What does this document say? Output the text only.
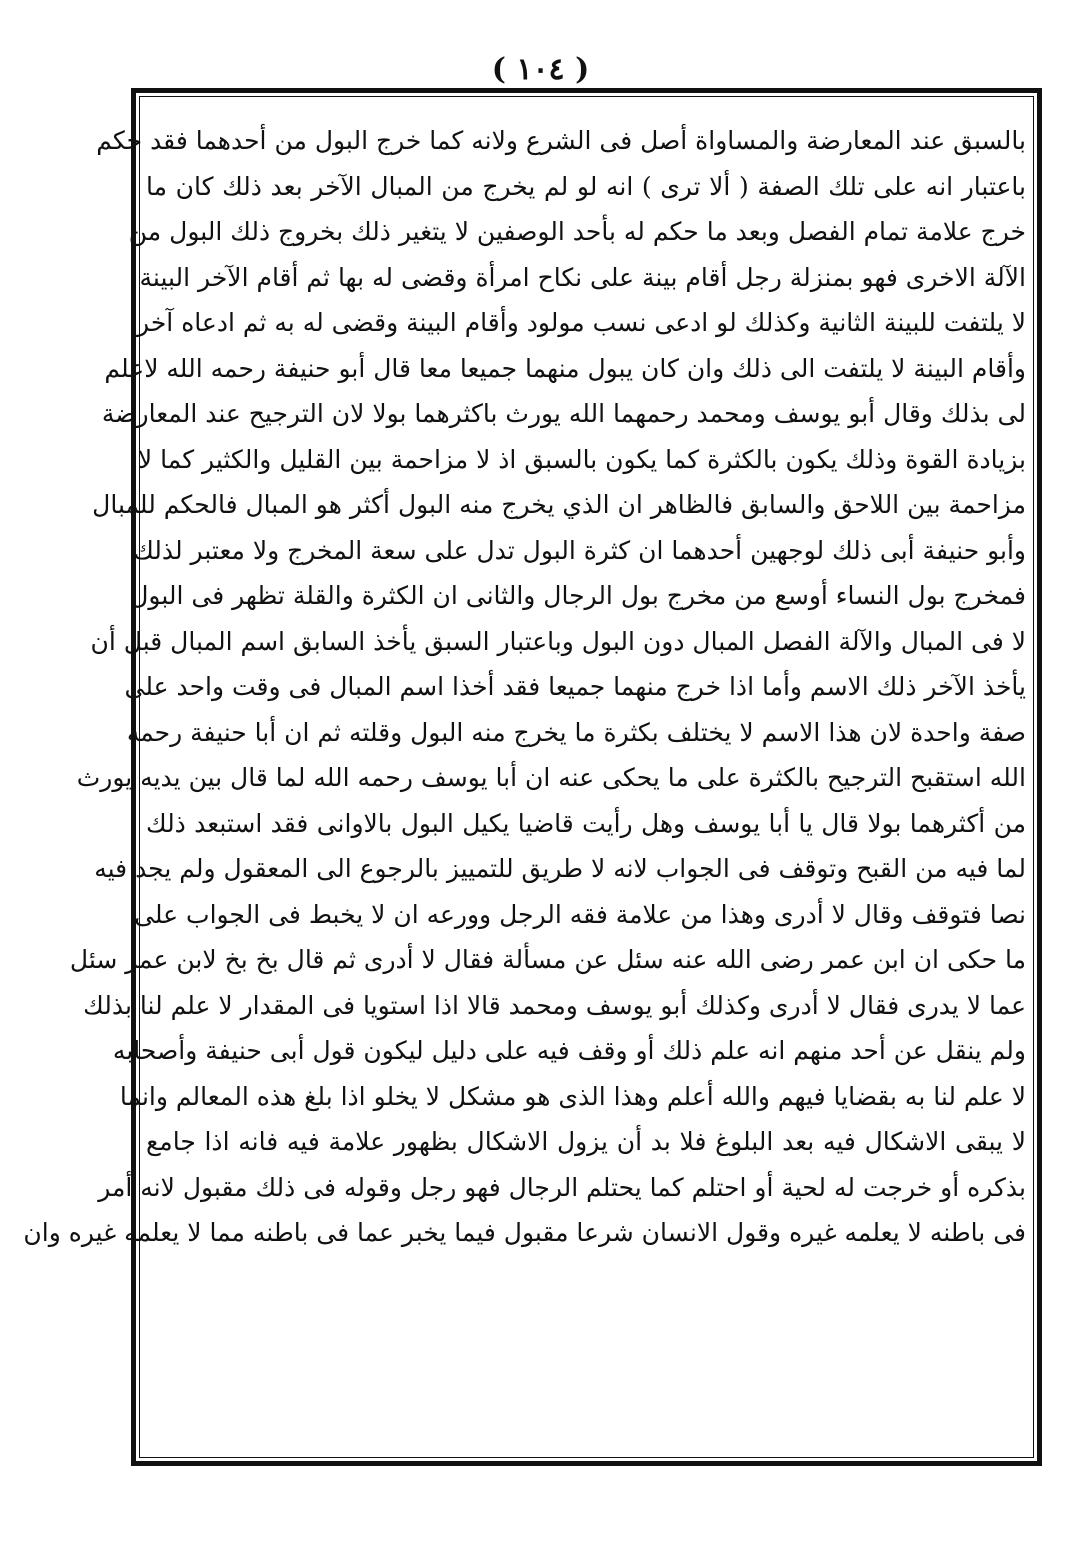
( ١٠٤ )
بالسبق عند المعارضة والمساواة أصل فى الشرع ولانه كما خرج البول من أحدهما فقد حكم
باعتبار انه على تلك الصفة ( ألا ترى ) انه لو لم يخرج من المبال الآخر بعد ذلك كان ما
خرج علامة تمام الفصل وبعد ما حكم له بأحد الوصفين لا يتغير ذلك بخروج ذلك البول من
الآلة الاخرى فهو بمنزلة رجل أقام بينة على نكاح امرأة وقضى له بها ثم أقام الآخر البينة
لا يلتفت للبينة الثانية وكذلك لو ادعى نسب مولود وأقام البينة وقضى له به ثم ادعاه آخر
وأقام البينة لا يلتفت الى ذلك وان كان يبول منهما جميعا معا قال أبو حنيفة رحمه الله لاعلم
لى بذلك وقال أبو يوسف ومحمد رحمهما الله يورث باكثرهما بولا لان الترجيح عند المعارضة
بزيادة القوة وذلك يكون بالكثرة كما يكون بالسبق اذ لا مزاحمة بين القليل والكثير كما لا
مزاحمة بين اللاحق والسابق فالظاهر ان الذي يخرج منه البول أكثر هو المبال فالحكم للمبال
وأبو حنيفة أبى ذلك لوجهين أحدهما ان كثرة البول تدل على سعة المخرج ولا معتبر لذلك
فمخرج بول النساء أوسع من مخرج بول الرجال والثانى ان الكثرة والقلة تظهر فى البول
لا فى المبال والآلة الفصل المبال دون البول وباعتبار السبق يأخذ السابق اسم المبال قبل أن
يأخذ الآخر ذلك الاسم وأما اذا خرج منهما جميعا فقد أخذا اسم المبال فى وقت واحد على
صفة واحدة لان هذا الاسم لا يختلف بكثرة ما يخرج منه البول وقلته ثم ان أبا حنيفة رحمه
الله استقبح الترجيح بالكثرة على ما يحكى عنه ان أبا يوسف رحمه الله لما قال بين يديه يورث
من أكثرهما بولا قال يا أبا يوسف وهل رأيت قاضيا يكيل البول بالاوانى فقد استبعد ذلك
لما فيه من القبح وتوقف فى الجواب لانه لا طريق للتمييز بالرجوع الى المعقول ولم يجد فيه
نصا فتوقف وقال لا أدرى وهذا من علامة فقه الرجل وورعه ان لا يخبط فى الجواب على
ما حكى ان ابن عمر رضى الله عنه سئل عن مسألة فقال لا أدرى ثم قال بخ بخ لابن عمر سئل
عما لا يدرى فقال لا أدرى وكذلك أبو يوسف ومحمد قالا اذا استويا فى المقدار لا علم لنا بذلك
ولم ينقل عن أحد منهم انه علم ذلك أو وقف فيه على دليل ليكون قول أبى حنيفة وأصحابه
لا علم لنا به بقضايا فيهم والله أعلم وهذا الذى هو مشكل لا يخلو اذا بلغ هذه المعالم وانما
لا يبقى الاشكال فيه بعد البلوغ فلا بد أن يزول الاشكال بظهور علامة فيه فانه اذا جامع
بذكره أو خرجت له لحية أو احتلم كما يحتلم الرجال فهو رجل وقوله فى ذلك مقبول لانه أمر
فى باطنه لا يعلمه غيره وقول الانسان شرعا مقبول فيما يخبر عما فى باطنه مما لا يعلمه غيره وان
